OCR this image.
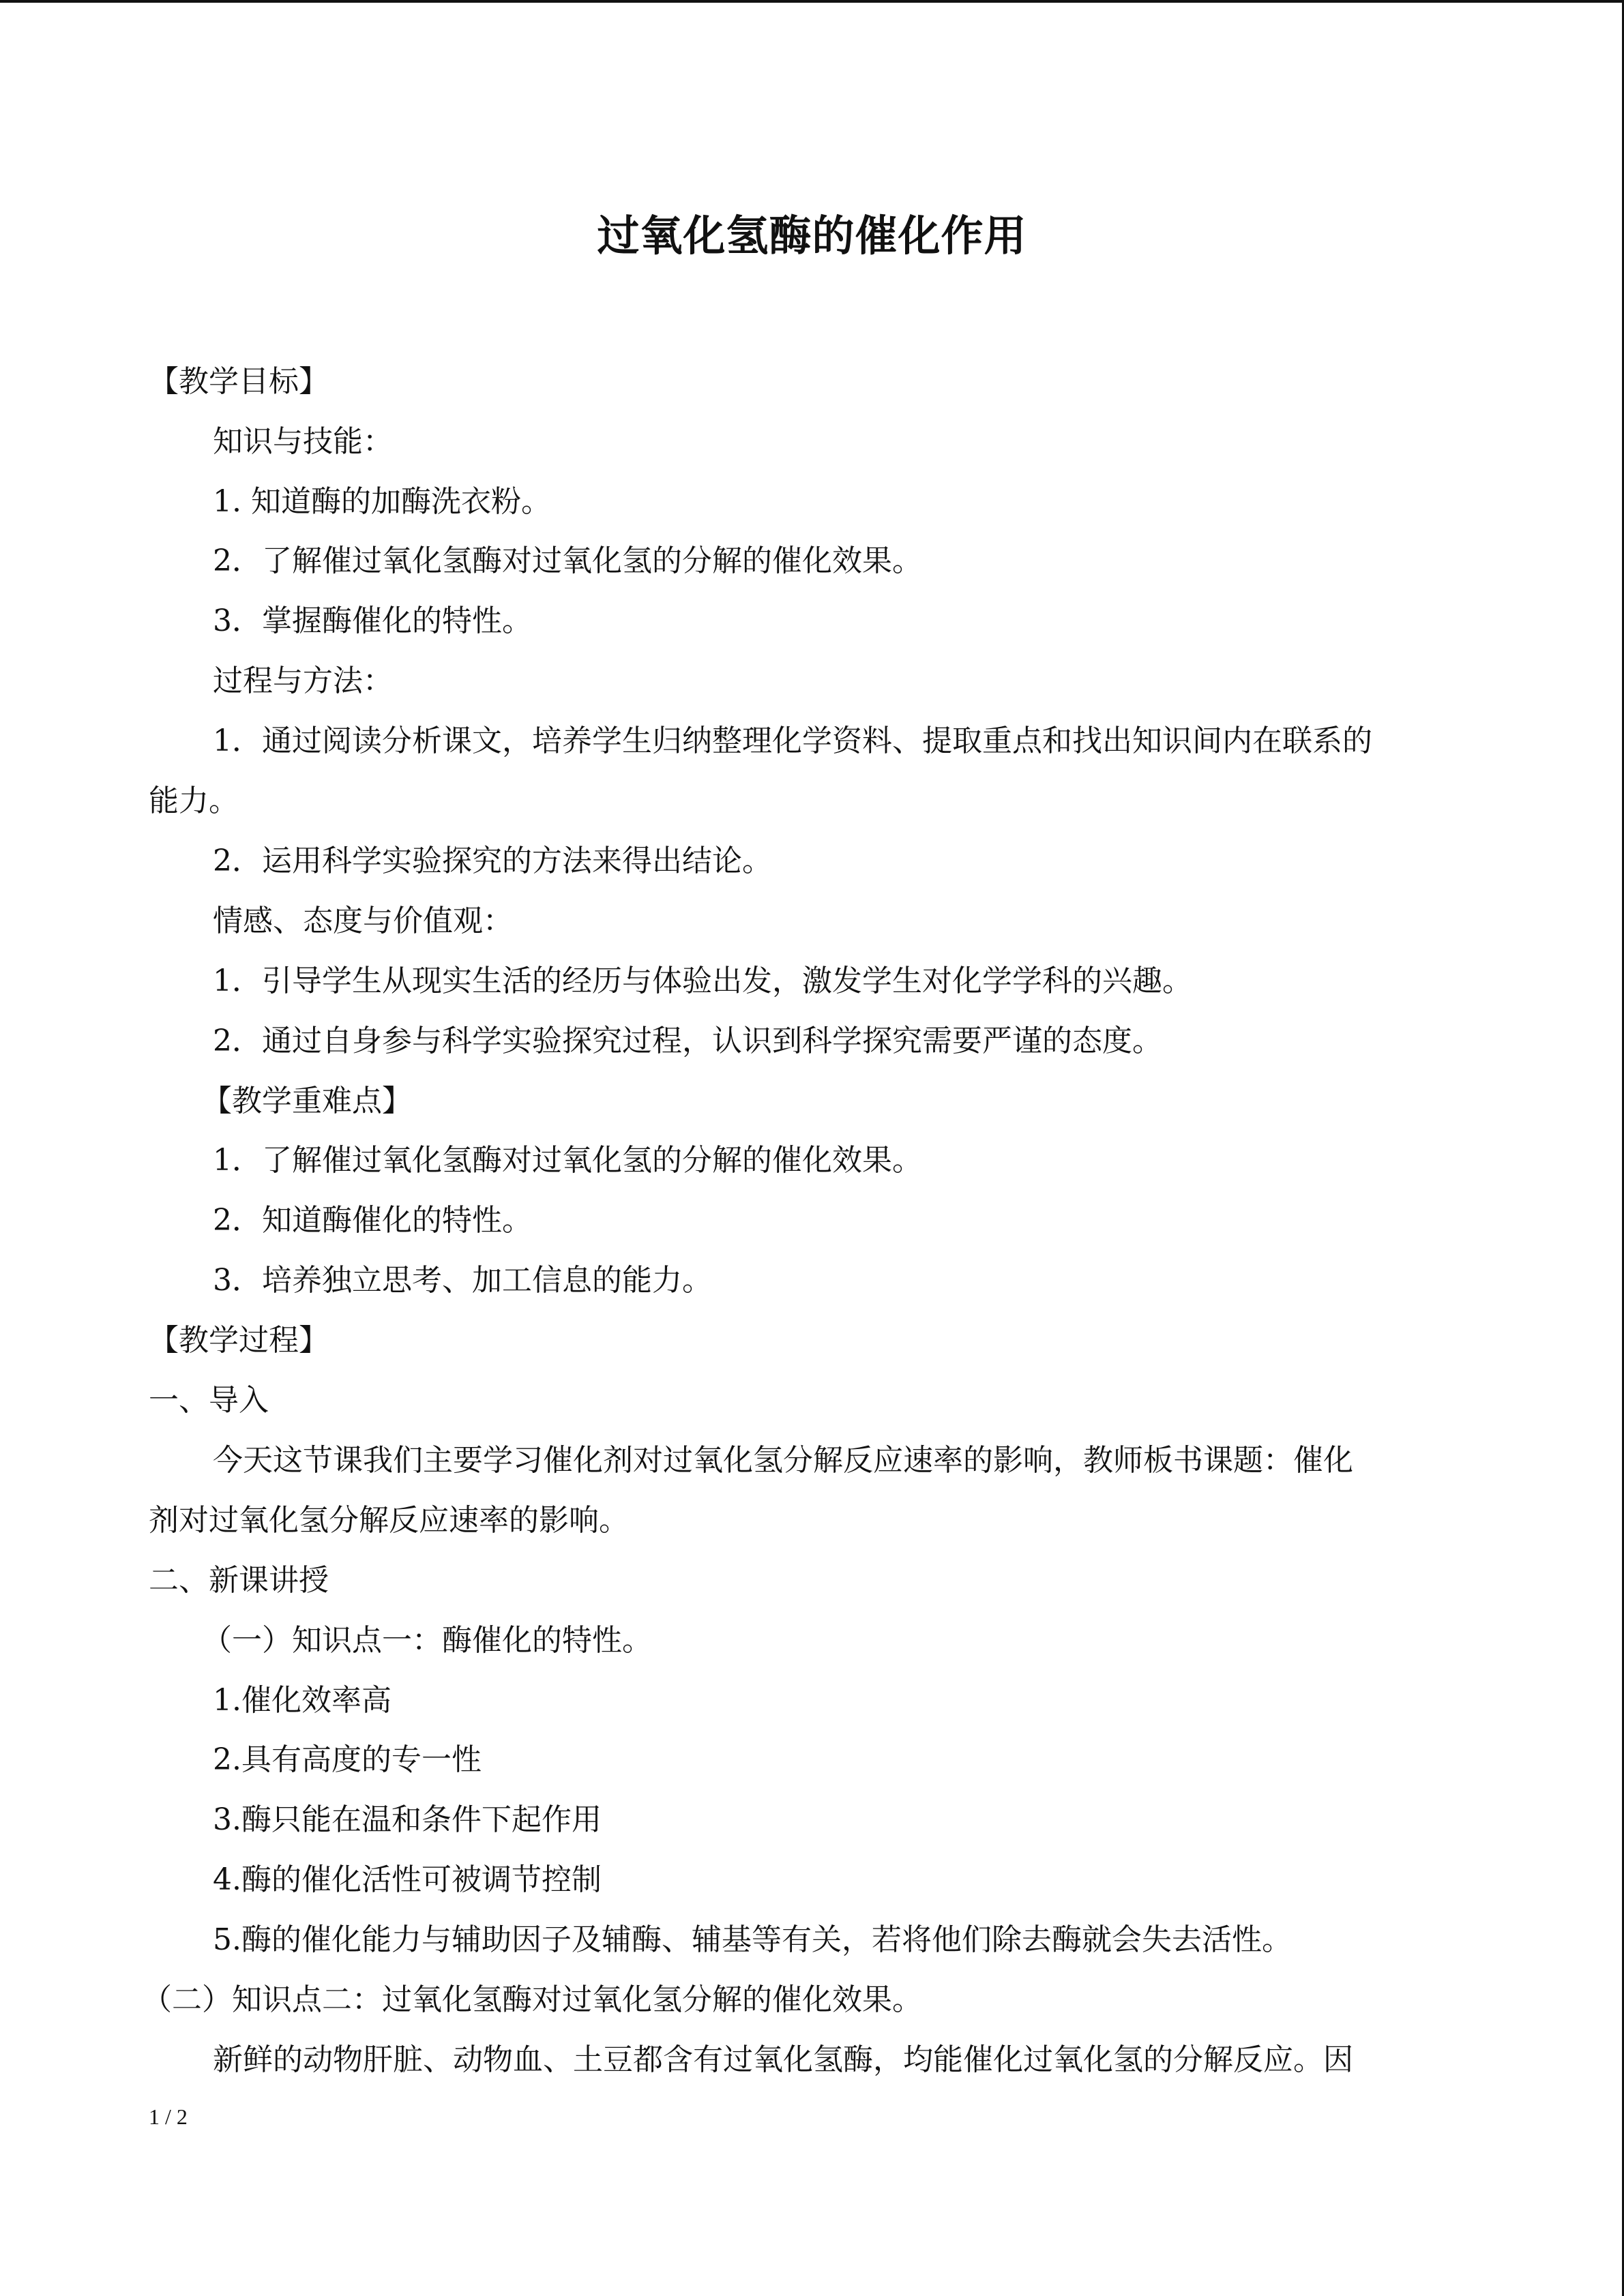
过氧化氢酶的催化作用
【教学目标】
知识与技能：
1. 知道酶的加酶洗衣粉。
2．了解催过氧化氢酶对过氧化氢的分解的催化效果。
3．掌握酶催化的特性。
过程与方法：
1．通过阅读分析课文，培养学生归纳整理化学资料、提取重点和找出知识间内在联系的
能力。
2．运用科学实验探究的方法来得出结论。
情感、态度与价值观：
1．引导学生从现实生活的经历与体验出发，激发学生对化学学科的兴趣。
2．通过自身参与科学实验探究过程，认识到科学探究需要严谨的态度。
【教学重难点】
1．了解催过氧化氢酶对过氧化氢的分解的催化效果。
2．知道酶催化的特性。
3．培养独立思考、加工信息的能力。
【教学过程】
一、导入
今天这节课我们主要学习催化剂对过氧化氢分解反应速率的影响，教师板书课题：催化
剂对过氧化氢分解反应速率的影响。
二、新课讲授
（一）知识点一：酶催化的特性。
1.催化效率高
2.具有高度的专一性
3.酶只能在温和条件下起作用
4.酶的催化活性可被调节控制
5.酶的催化能力与辅助因子及辅酶、辅基等有关，若将他们除去酶就会失去活性。
（二）知识点二：过氧化氢酶对过氧化氢分解的催化效果。
新鲜的动物肝脏、动物血、土豆都含有过氧化氢酶，均能催化过氧化氢的分解反应。因
1 / 2
